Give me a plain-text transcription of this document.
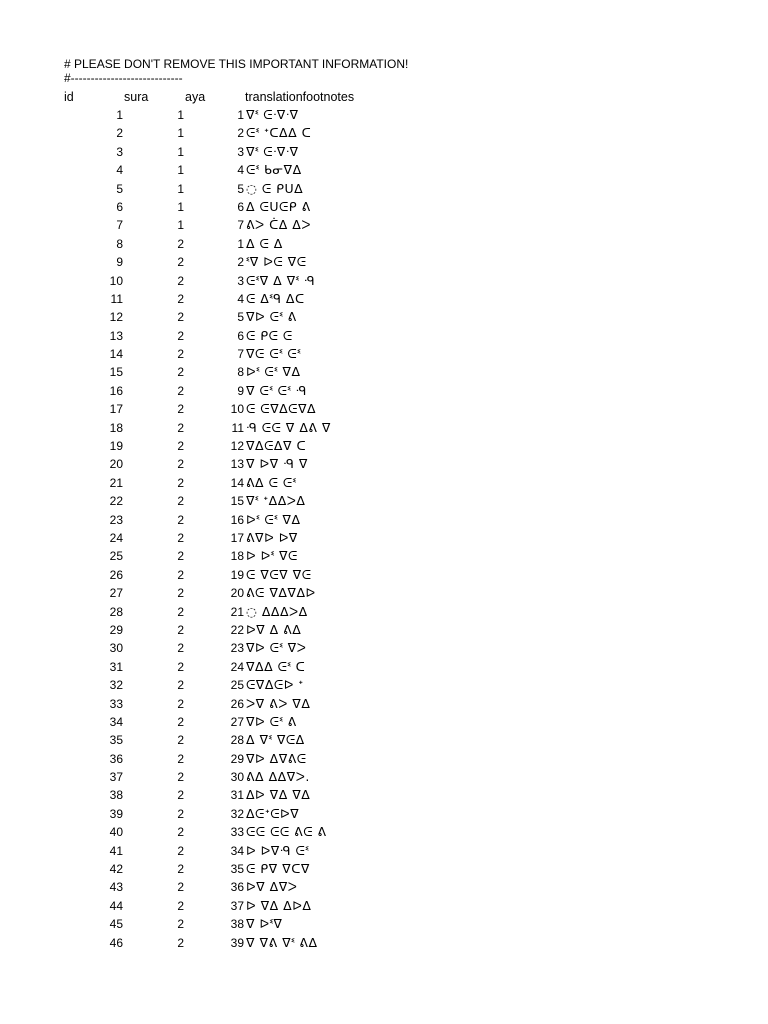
# PLEASE DON'T REMOVE THIS IMPORTANT INFORMATION!
#----------------------------
id	sura	aya	translationfootnotes
1	1	1 ᐁᓫ ᕮᐧᐁᐧᐁ
2	1	2 ᕮᓫ ᐩᑕᐃᐃ ᑕ
3	1	3 ᐁᓫ ᕮᐧᐁᐧᐁ
4	1	4 ᕮᓫ ᑲᓂᐁᐃ
5	1	5 ◌ ᕮ ᑭᑌᐃ
6	1	6 ᐃ ᕮᑌᕮᑭ ᕕ
7	1	7 ᕕᐳ ᑖᐃ ᐃᐳ
8	2	1 ᐃ ᕮ ᐃ
9	2	2 ᓫᐁ ᐅᕮ ᐁᕮ
10	2	3 ᕮᓫᐁ ᐃ ᐁᓫ ᑴ
11	2	4 ᕮ ᐃᓫᑫ ᐃᑕ
12	2	5 ᐁᐅ ᕮᓫ ᕕ
13	2	6 ᕮ ᑭᕮ ᕮ
14	2	7 ᐁᕮ ᕮᓫ ᕮᓫ
15	2	8 ᐅᓫ ᕮᓫ ᐁᐃ
16	2	9 ᐁ ᕮᓫ ᕮᓫ ᑴ
17	2	10 ᕮ ᕮᐁᐃᕮᐁᐃ
18	2	11 ᑴ ᕮᕮ ᐁ ᐃᕕ ᐁ
19	2	12 ᐁᐃᕮᐃᐁ ᑕ
20	2	13 ᐁ ᐅᐁ ᑴ ᐁ
21	2	14 ᕕᐃ ᕮ ᕮᓫ
22	2	15 ᐁᓫ ᐩᐃᐃᐳᐃ
23	2	16 ᐅᓫ ᕮᓫ ᐁᐃ
24	2	17 ᕕᐁᐅ ᐅᐁ
25	2	18 ᐅ ᐅᓫ ᐁᕮ
26	2	19 ᕮ ᐁᕮᐁ ᐁᕮ
27	2	20 ᕕᕮ ᐁᐃᐁᐃᐅ
28	2	21 ◌ ᐃᐃᐃᐳᐃ
29	2	22 ᐅᐁ ᐃ ᕕᐃ
30	2	23 ᐁᐅ ᕮᓫ ᐁᐳ
31	2	24 ᐁᐃᐃ ᕮᓫ ᑕ
32	2	25 ᕮᐁᐃᕮᐅ ᐩ
33	2	26 ᐳᐁ ᕕᐳ ᐁᐃ
34	2	27 ᐁᐅ ᕮᓫ ᕕ
35	2	28 ᐃ ᐁᓫ ᐁᕮᐃ
36	2	29 ᐁᐅ ᐃᐁᕕᕮ
37	2	30 ᕕᐃ ᐃᐃᐁᐳ.
38	2	31 ᐃᐅ ᐁᐃ ᐁᐃ
39	2	32 ᐃᕮᐩᕮᐅᐁ
40	2	33 ᕮᕮ ᕮᕮ ᕕᕮ ᕕ
41	2	34 ᐅ ᐅᐁᑴ ᕮᓫ
42	2	35 ᕮ ᑭᐁ ᐁᑕᐁ
43	2	36 ᐅᐁ ᐃᐁᐳ
44	2	37 ᐅ ᐁᐃ ᐃᐅᐃ
45	2	38 ᐁ ᐅᓫᐁ
46	2	39 ᐁ ᐁᕕ ᐁᓫ ᕕᐃ
